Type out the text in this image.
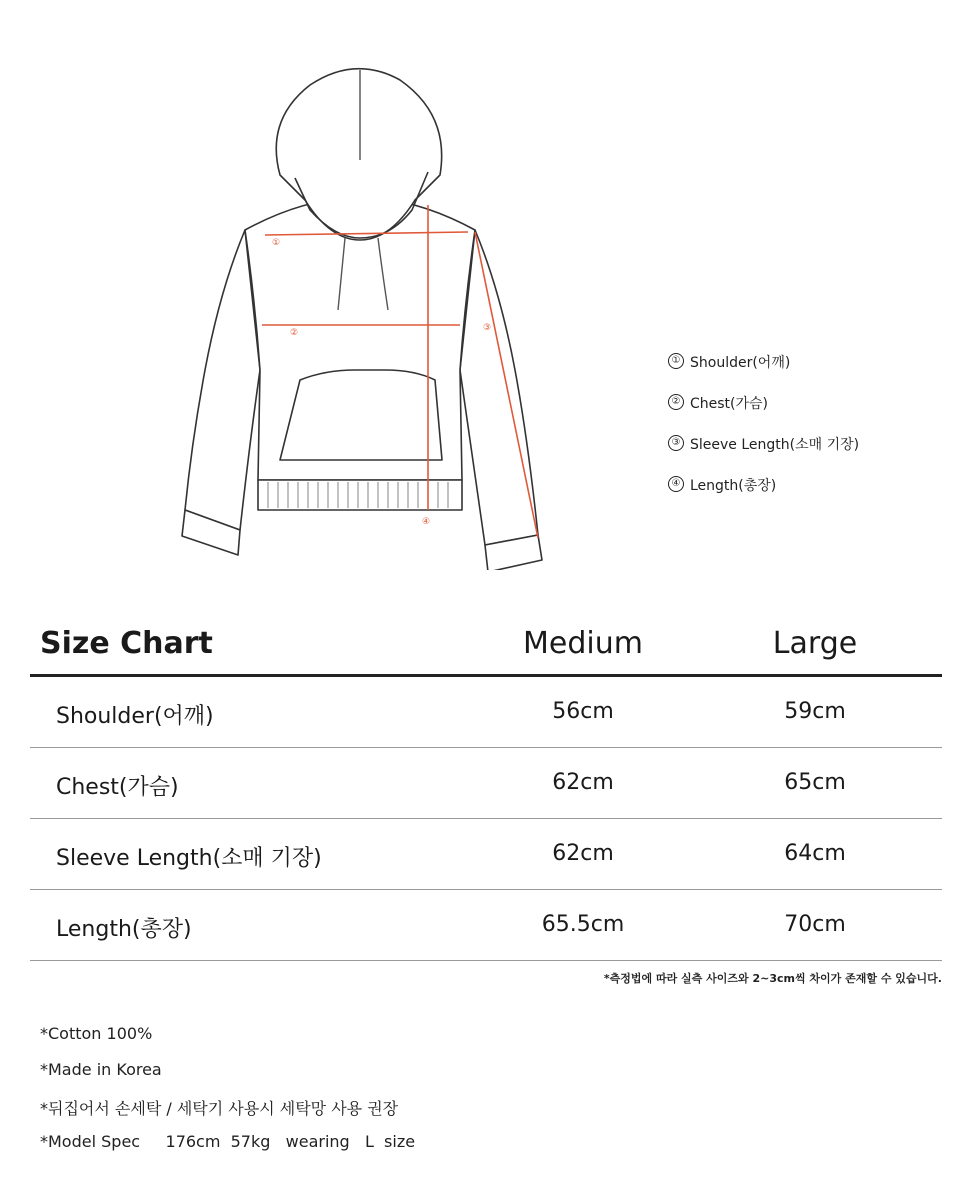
①
②	③
④
① Shoulder(어깨)
② Chest(가슴)
③ Sleeve Length(소매 기장)
④ Length(총장)
Size Chart	Medium	Large
Shoulder(어깨)	56cm	59cm
Chest(가슴)	62cm	65cm
Sleeve Length(소매 기장)	62cm	64cm
Length(총장)	65.5cm	70cm
*측정법에 따라 실측 사이즈와 2~3cm씩 차이가 존재할 수 있습니다.
*Cotton 100%
*Made in Korea
*뒤집어서 손세탁 / 세탁기 사용시 세탁망 사용 권장
*Model Spec     176cm  57kg   wearing   L  size
